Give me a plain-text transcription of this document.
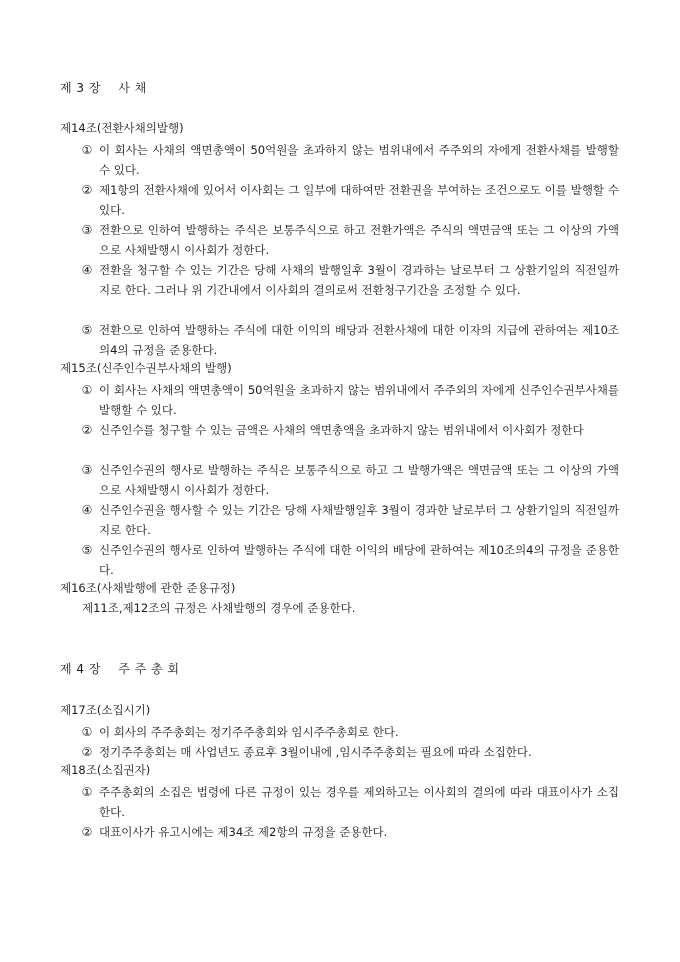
제 3 장    사 채
제14조(전환사채의발행)
① 이 회사는 사채의 액면총액이 50억원을 초과하지 않는 범위내에서 주주외의 자에게 전환사채를 발행할 수 있다.
② 제1항의 전환사채에 있어서 이사회는 그 일부에 대하여만 전환권을 부여하는 조건으로도 이를 발행할 수 있다.
③ 전환으로 인하여 발행하는 주식은 보통주식으로 하고 전환가액은 주식의 액면금액 또는 그 이상의 가액으로 사채발행시 이사회가 정한다.
④ 전환을 청구할 수 있는 기간은 당해 사채의 발행일후 3월이 경과하는 날로부터 그 상환기일의 직전일까지로 한다. 그러나 위 기간내에서 이사회의 결의로써 전환청구기간을 조정할 수 있다.
⑤ 전환으로 인하여 발행하는 주식에 대한 이익의 배당과 전환사채에 대한 이자의 지급에 관하여는 제10조의4의 규정을 준용한다.
제15조(신주인수권부사채의 발행)
① 이 회사는 사채의 액면총액이 50억원을 초과하지 않는 범위내에서 주주외의 자에게 신주인수권부사채를 발행할 수 있다.
② 신주인수를 청구할 수 있는 금액은 사채의 액면총액을 초과하지 않는 범위내에서 이사회가 정한다
③ 신주인수권의 행사로 발행하는 주식은 보통주식으로 하고 그 발행가액은 액면금액 또는 그 이상의 가액으로 사채발행시 이사회가 정한다.
④ 신주인수권을 행사할 수 있는 기간은 당해 사채발행일후 3월이 경과한 날로부터 그 상환기일의 직전일까지로 한다.
⑤ 신주인수권의 행사로 인하여 발행하는 주식에 대한 이익의 배당에 관하여는 제10조의4의 규정을 준용한다.
제16조(사채발행에 관한 준용규정)
제11조,제12조의 규정은 사채발행의 경우에 준용한다.
제 4 장    주 주 총 회
제17조(소집시기)
① 이 회사의 주주총회는 정기주주총회와 임시주주총회로 한다.
② 정기주주총회는 매 사업년도 종료후 3월이내에 ,임시주주총회는 필요에 따라 소집한다.
제18조(소집권자)
① 주주총회의 소집은 법령에 다른 규정이 있는 경우를 제외하고는 이사회의 결의에 따라 대표이사가 소집한다.
② 대표이사가 유고시에는 제34조 제2항의 규정을 준용한다.
